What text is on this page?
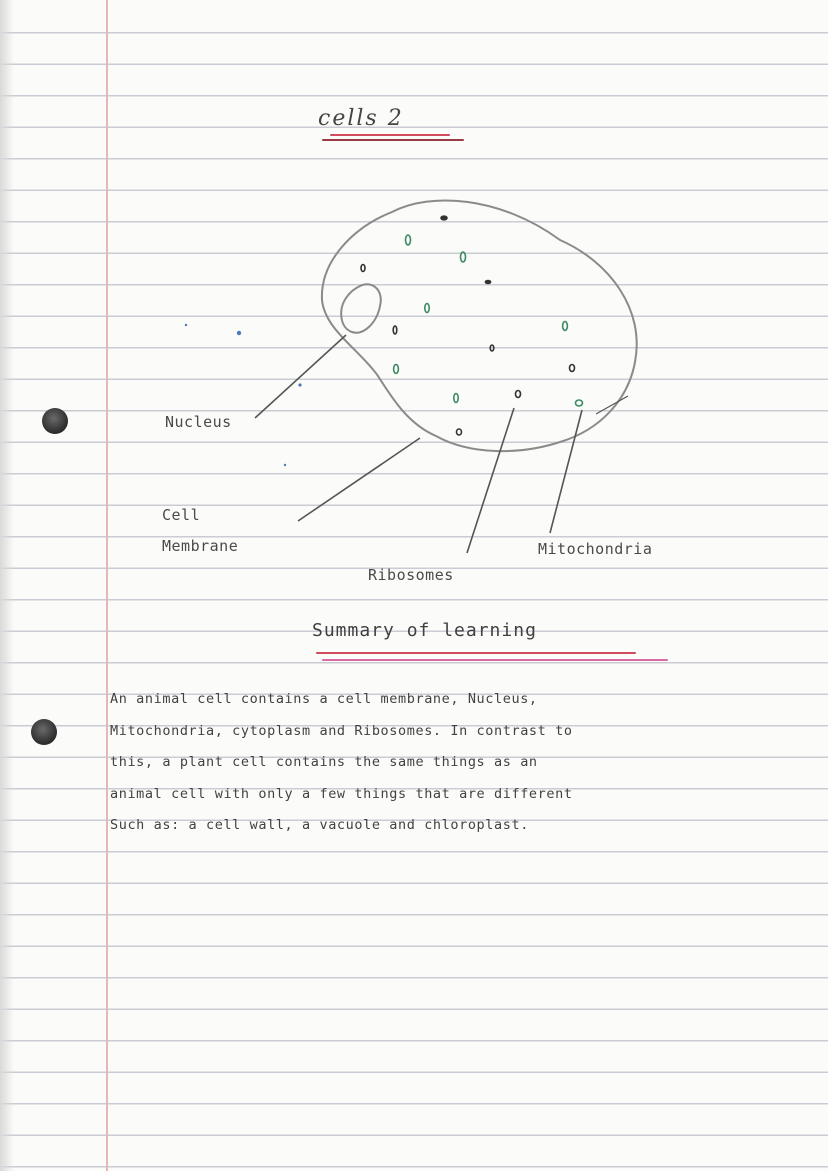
cells 2
Nucleus
Cell
Membrane
Ribosomes
Mitochondria
Summary of learning
An animal cell contains a cell membrane, Nucleus,
Mitochondria, cytoplasm and Ribosomes. In contrast to
this, a plant cell contains the same things as an
animal cell with only a few things that are different
Such as: a cell wall, a vacuole and chloroplast.
